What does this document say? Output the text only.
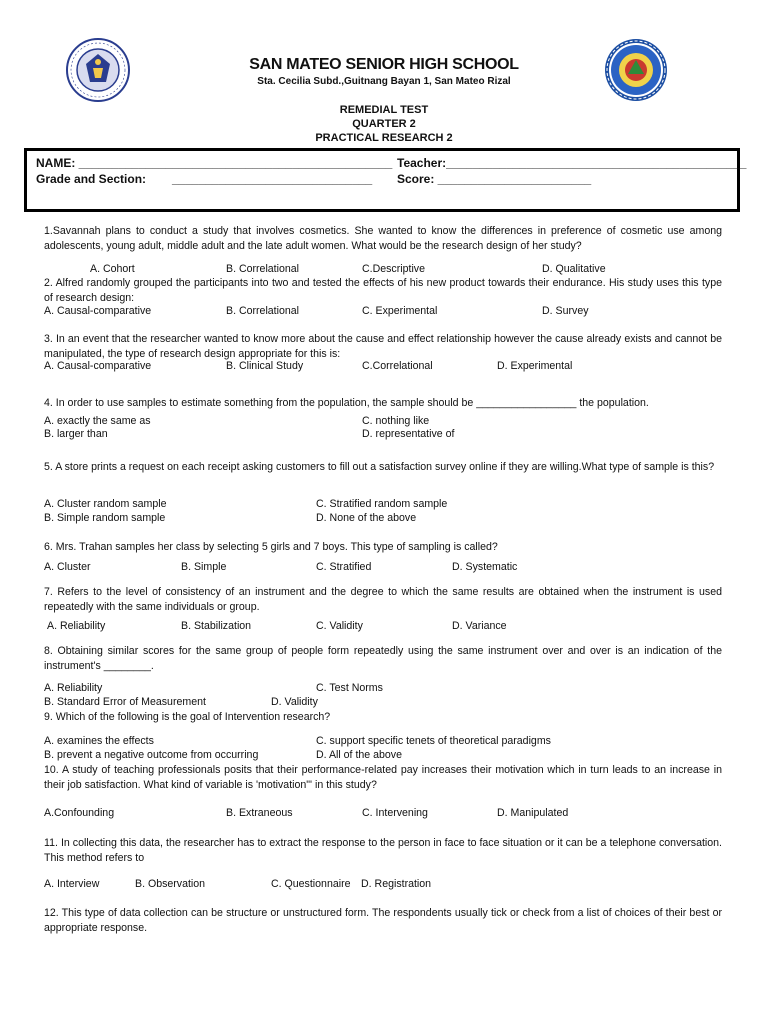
SAN MATEO SENIOR HIGH SCHOOL
Sta. Cecilia Subd.,Guitnang Bayan 1, San Mateo Rizal
REMEDIAL TEST
QUARTER 2
PRACTICAL RESEARCH 2
NAME: _______________________________________________ Teacher:_____________________________________________
Grade and Section: ______________________________ Score: _______________________
1.Savannah plans to conduct a study that involves cosmetics. She wanted to know the differences in preference of cosmetic use among adolescents, young adult, middle adult and the late adult women. What would be the research design of her study?
A. Cohort	B. Correlational	C.Descriptive	D. Qualitative
2. Alfred randomly grouped the participants into two and tested the effects of his new product towards their endurance. His study uses this type of research design:
A. Causal-comparative	B. Correlational	C. Experimental	D. Survey
3. In an event that the researcher wanted to know more about the cause and effect relationship however the cause already exists and cannot be manipulated, the type of research design appropriate for this is:
A. Causal-comparative	B. Clinical Study	C.Correlational	D. Experimental
4. In order to use samples to estimate something from the population, the sample should be _________________ the population.
A. exactly the same as	C. nothing like
B. larger than	D. representative of
5. A store prints a request on each receipt asking customers to fill out a satisfaction survey online if they are willing.What type of sample is this?
A. Cluster random sample	C. Stratified random sample
B. Simple random sample	D. None of the above
6. Mrs. Trahan samples her class by selecting 5 girls and 7 boys. This type of sampling is called?
A. Cluster	B. Simple	C. Stratified	D. Systematic
7. Refers to the level of consistency of an instrument and the degree to which the same results are obtained when the instrument is used repeatedly with the same individuals or group.
A. Reliability	B. Stabilization	C. Validity	D. Variance
8. Obtaining similar scores for the same group of people form repeatedly using the same instrument over and over is an indication of the instrument's ________.
A. Reliability	C. Test Norms
B. Standard Error of Measurement	D. Validity
9. Which of the following is the goal of Intervention research?
A. examines the effects	C. support specific tenets of theoretical paradigms
B. prevent a negative outcome from occurring	D. All of the above
10. A study of teaching professionals posits that their performance-related pay increases their motivation which in turn leads to an increase in their job satisfaction. What kind of variable is 'motivation"' in this study?
A.Confounding	B. Extraneous	C. Intervening	D. Manipulated
11. In collecting this data, the researcher has to extract the response to the person in face to face situation or it can be a telephone conversation. This method refers to
A. Interview	B. Observation	C. Questionnaire D. Registration
12. This type of data collection can be structure or unstructured form. The respondents usually tick or check from a list of choices of their best or appropriate response.
